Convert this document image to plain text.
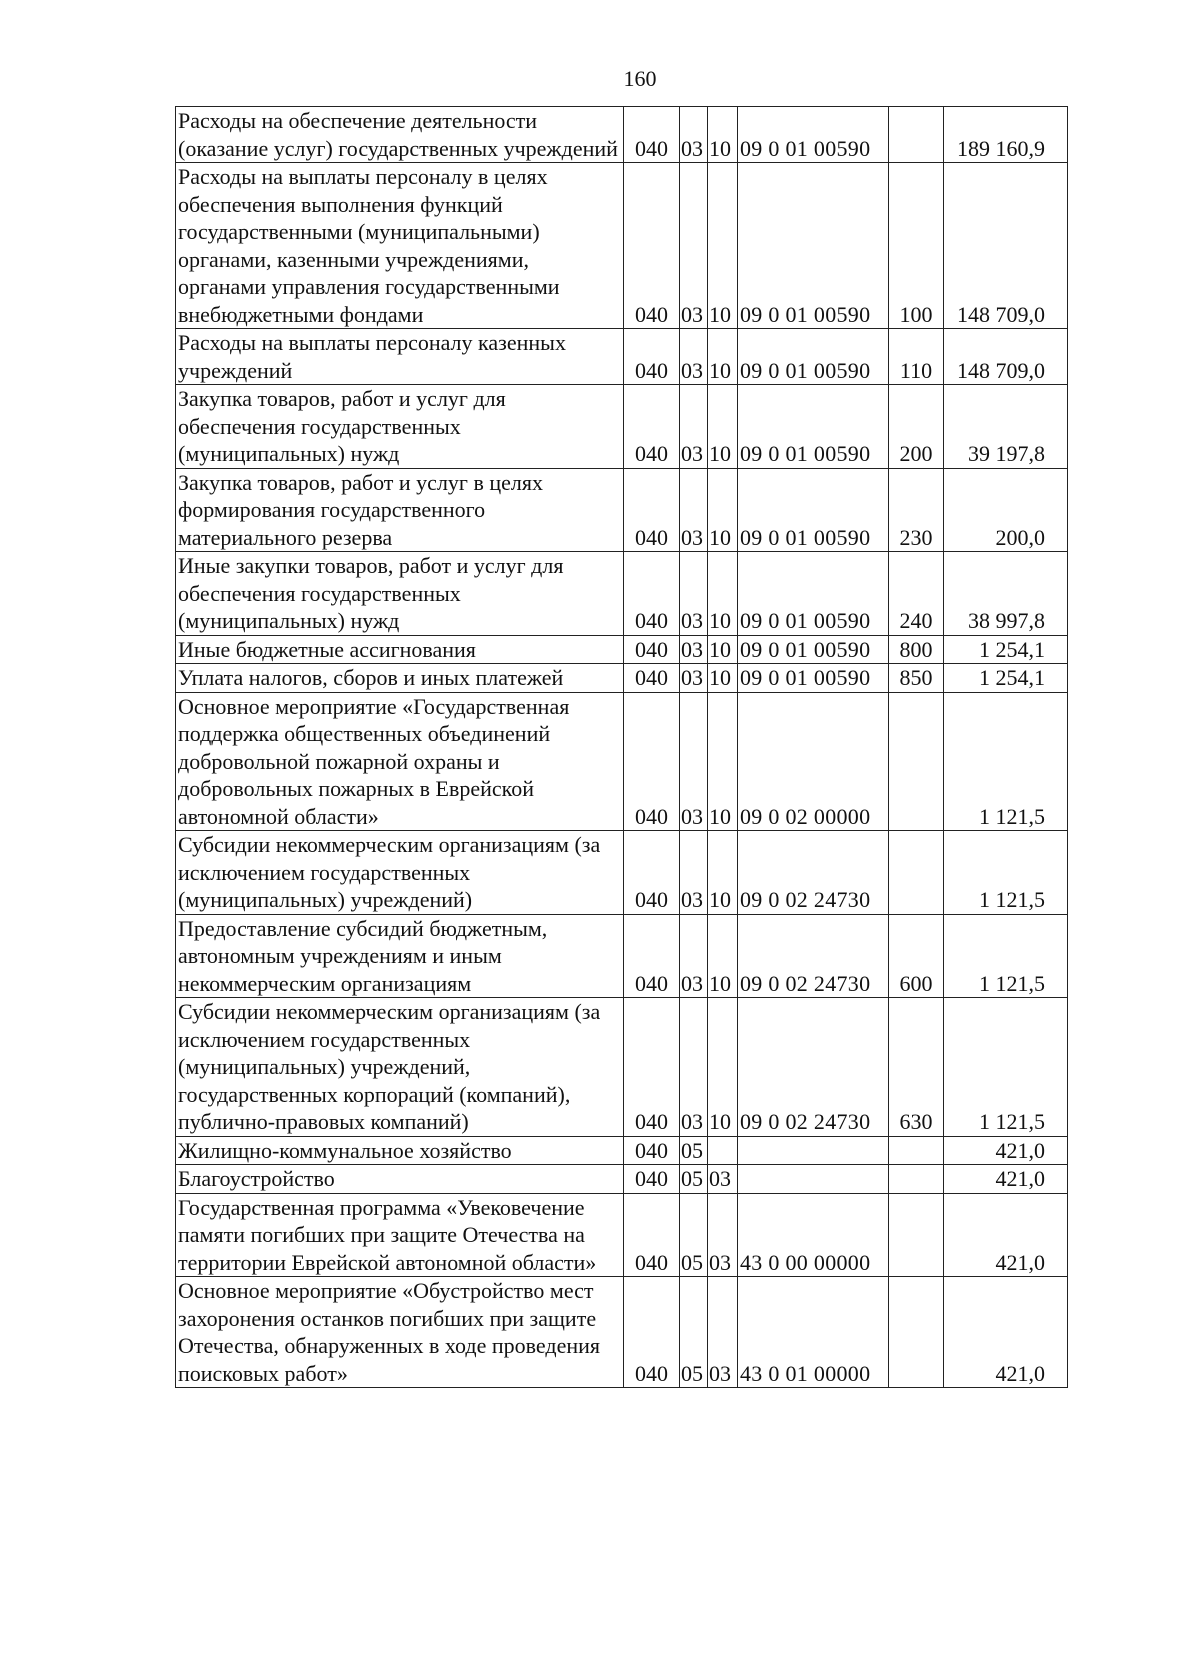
160
Расходы на обеспечение деятельности (оказание услуг) государственных учреждений	040	03	10	09 0 01 00590		189 160,9
Расходы на выплаты персоналу в целях обеспечения выполнения функций государственными (муниципальными) органами, казенными учреждениями, органами управления государственными внебюджетными фондами	040	03	10	09 0 01 00590	100	148 709,0
Расходы на выплаты персоналу казенных учреждений	040	03	10	09 0 01 00590	110	148 709,0
Закупка товаров, работ и услуг для обеспечения государственных (муниципальных) нужд	040	03	10	09 0 01 00590	200	39 197,8
Закупка товаров, работ и услуг в целях формирования государственного материального резерва	040	03	10	09 0 01 00590	230	200,0
Иные закупки товаров, работ и услуг для обеспечения государственных (муниципальных) нужд	040	03	10	09 0 01 00590	240	38 997,8
Иные бюджетные ассигнования	040	03	10	09 0 01 00590	800	1 254,1
Уплата налогов, сборов и иных платежей	040	03	10	09 0 01 00590	850	1 254,1
Основное мероприятие «Государственная поддержка общественных объединений добровольной пожарной охраны и добровольных пожарных в Еврейской автономной области»	040	03	10	09 0 02 00000		1 121,5
Субсидии некоммерческим организациям (за исключением государственных (муниципальных) учреждений)	040	03	10	09 0 02 24730		1 121,5
Предоставление субсидий бюджетным, автономным учреждениям и иным некоммерческим организациям	040	03	10	09 0 02 24730	600	1 121,5
Субсидии некоммерческим организациям (за исключением государственных (муниципальных) учреждений, государственных корпораций (компаний), публично-правовых компаний)	040	03	10	09 0 02 24730	630	1 121,5
Жилищно-коммунальное хозяйство	040	05				421,0
Благоустройство	040	05	03			421,0
Государственная программа «Увековечение памяти погибших при защите Отечества на территории Еврейской автономной области»	040	05	03	43 0 00 00000		421,0
Основное мероприятие «Обустройство мест захоронения останков погибших при защите Отечества, обнаруженных в ходе проведения поисковых работ»	040	05	03	43 0 01 00000		421,0
